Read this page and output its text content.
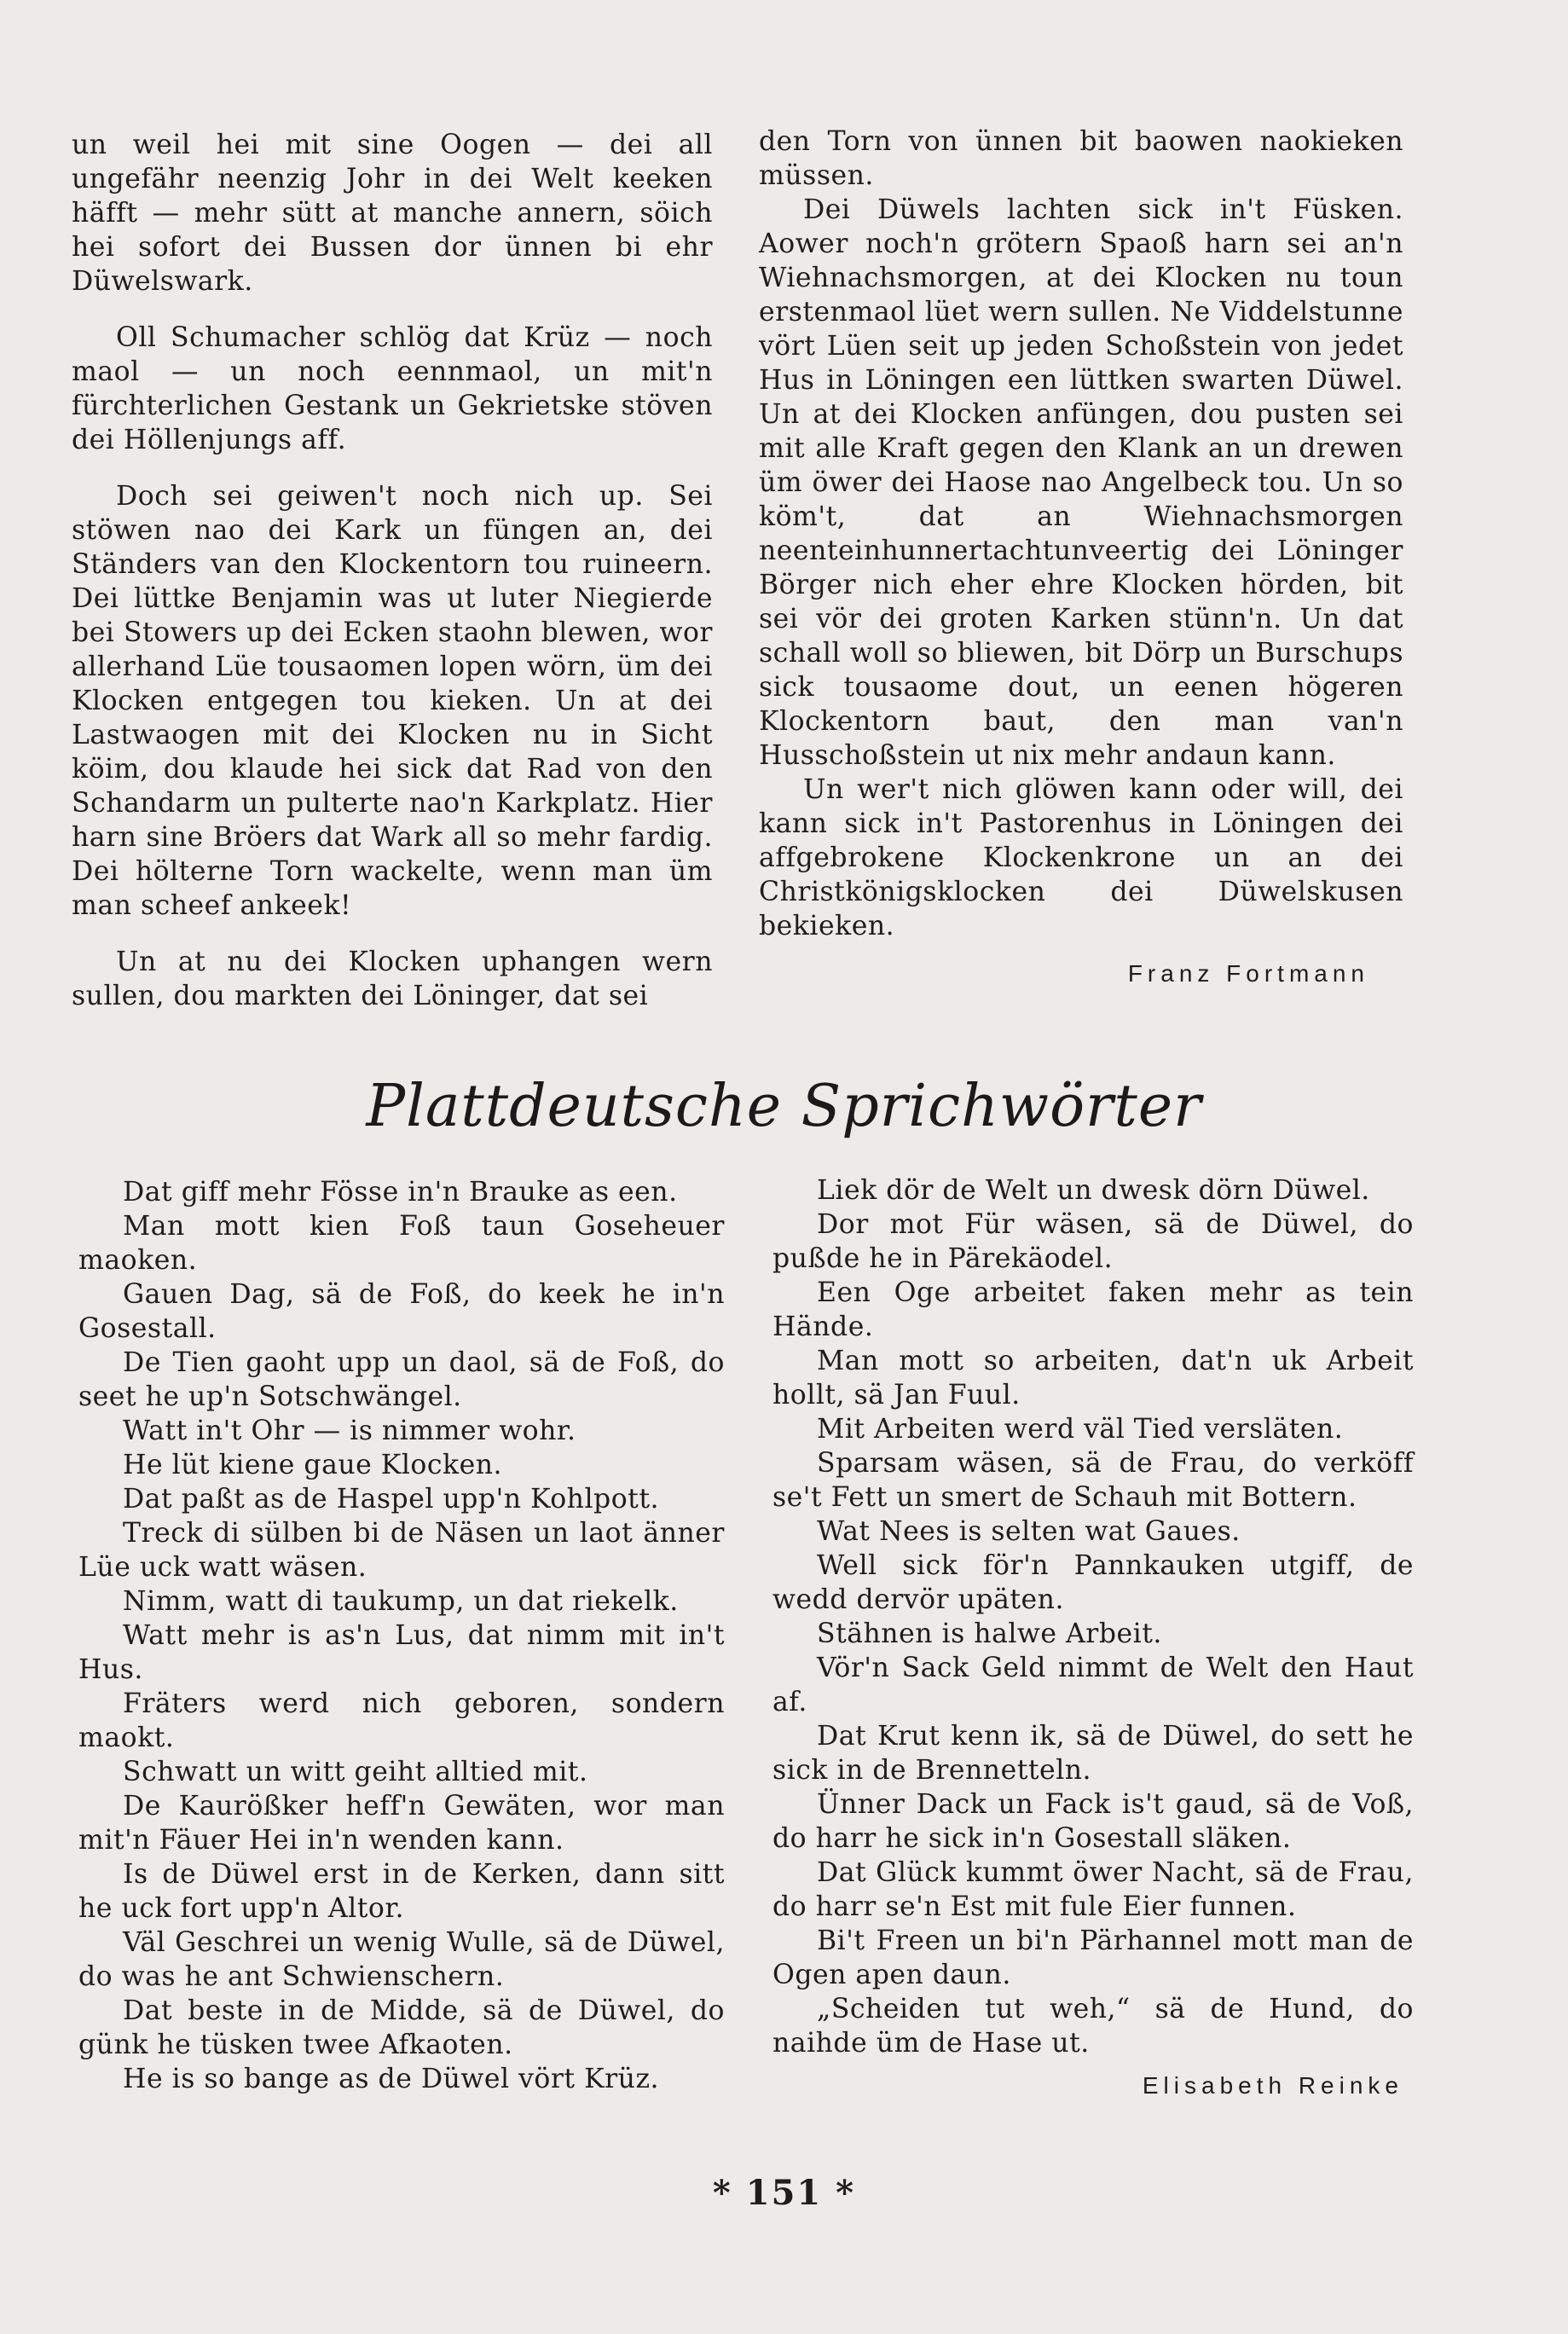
un weil hei mit sine Oogen — dei all ungefähr neenzig Johr in dei Welt keeken häfft — mehr sütt at manche annern, söich hei sofort dei Bussen dor ünnen bi ehr Düwelswark.

Oll Schumacher schlög dat Krüz — noch maol — un noch eennmaol, un mit'n fürchterlichen Gestank un Gekrietske stöven dei Höllenjungs aff.

Doch sei geiwen't noch nich up. Sei stöwen nao dei Kark un füngen an, dei Ständers van den Klockentorn tou ruineern. Dei lüttke Benjamin was ut luter Niegierde bei Stowers up dei Ecken staohn blewen, wor allerhand Lüe tousaomen lopen wörn, üm dei Klocken entgegen tou kieken. Un at dei Lastwaogen mit dei Klocken nu in Sicht köim, dou klaude hei sick dat Rad von den Schandarm un pulterte nao'n Karkplatz. Hier harn sine Bröers dat Wark all so mehr fardig. Dei hölterne Torn wackelte, wenn man üm man scheef ankeek!

Un at nu dei Klocken uphangen wern sullen, dou markten dei Löninger, dat sei

den Torn von ünnen bit baowen naokieken müssen.

Dei Düwels lachten sick in't Füsken. Aower noch'n grötern Spaoß harn sei an'n Wiehnachsmorgen, at dei Klocken nu toun erstenmaol lüet wern sullen. Ne Viddelstunne vört Lüen seit up jeden Schoßstein von jedet Hus in Löningen een lüttken swarten Düwel. Un at dei Klocken anfüngen, dou pusten sei mit alle Kraft gegen den Klank an un drewen üm öwer dei Haose nao Angelbeck tou. Un so köm't, dat an Wiehnachsmorgen neenteinhunnertachtunveertig dei Löninger Börger nich eher ehre Klocken hörden, bit sei vör dei groten Karken stünn'n. Un dat schall woll so bliewen, bit Dörp un Burschups sick tousaome dout, un eenen högeren Klockentorn baut, den man van'n Husschoßstein ut nix mehr andaun kann.

Un wer't nich glöwen kann oder will, dei kann sick in't Pastorenhus in Löningen dei affgebrokene Klockenkrone un an dei Christkönigsklocken dei Düwelskusen bekieken.

Franz Fortmann

Plattdeutsche Sprichwörter

Dat giff mehr Fösse in'n Brauke as een.

Man mott kien Foß taun Goseheuer maoken.

Gauen Dag, sä de Foß, do keek he in'n Gosestall.

De Tien gaoht upp un daol, sä de Foß, do seet he up'n Sotschwängel.

Watt in't Ohr — is nimmer wohr.

He lüt kiene gaue Klocken.

Dat paßt as de Haspel upp'n Kohlpott.

Treck di sülben bi de Näsen un laot änner Lüe uck watt wäsen.

Nimm, watt di taukump, un dat riekelk.

Watt mehr is as'n Lus, dat nimm mit in't Hus.

Fräters werd nich geboren, sondern maokt.

Schwatt un witt geiht alltied mit.

De Kaurößker heff'n Gewäten, wor man mit'n Fäuer Hei in'n wenden kann.

Is de Düwel erst in de Kerken, dann sitt he uck fort upp'n Altor.

Väl Geschrei un wenig Wulle, sä de Düwel, do was he ant Schwienschern.

Dat beste in de Midde, sä de Düwel, do günk he tüsken twee Afkaoten.

He is so bange as de Düwel vört Krüz.

Liek dör de Welt un dwesk dörn Düwel.

Dor mot Für wäsen, sä de Düwel, do pußde he in Pärekäodel.

Een Oge arbeitet faken mehr as tein Hände.

Man mott so arbeiten, dat'n uk Arbeit hollt, sä Jan Fuul.

Mit Arbeiten werd väl Tied versläten.

Sparsam wäsen, sä de Frau, do verköff se't Fett un smert de Schauh mit Bottern.

Wat Nees is selten wat Gaues.

Well sick för'n Pannkauken utgiff, de wedd dervör upäten.

Stähnen is halwe Arbeit.

Vör'n Sack Geld nimmt de Welt den Haut af.

Dat Krut kenn ik, sä de Düwel, do sett he sick in de Brennetteln.

Ünner Dack un Fack is't gaud, sä de Voß, do harr he sick in'n Gosestall släken.

Dat Glück kummt öwer Nacht, sä de Frau, do harr se'n Est mit fule Eier funnen.

Bi't Freen un bi'n Pärhannel mott man de Ogen apen daun.

„Scheiden tut weh,“ sä de Hund, do naihde üm de Hase ut.

Elisabeth Reinke

* 151 *
